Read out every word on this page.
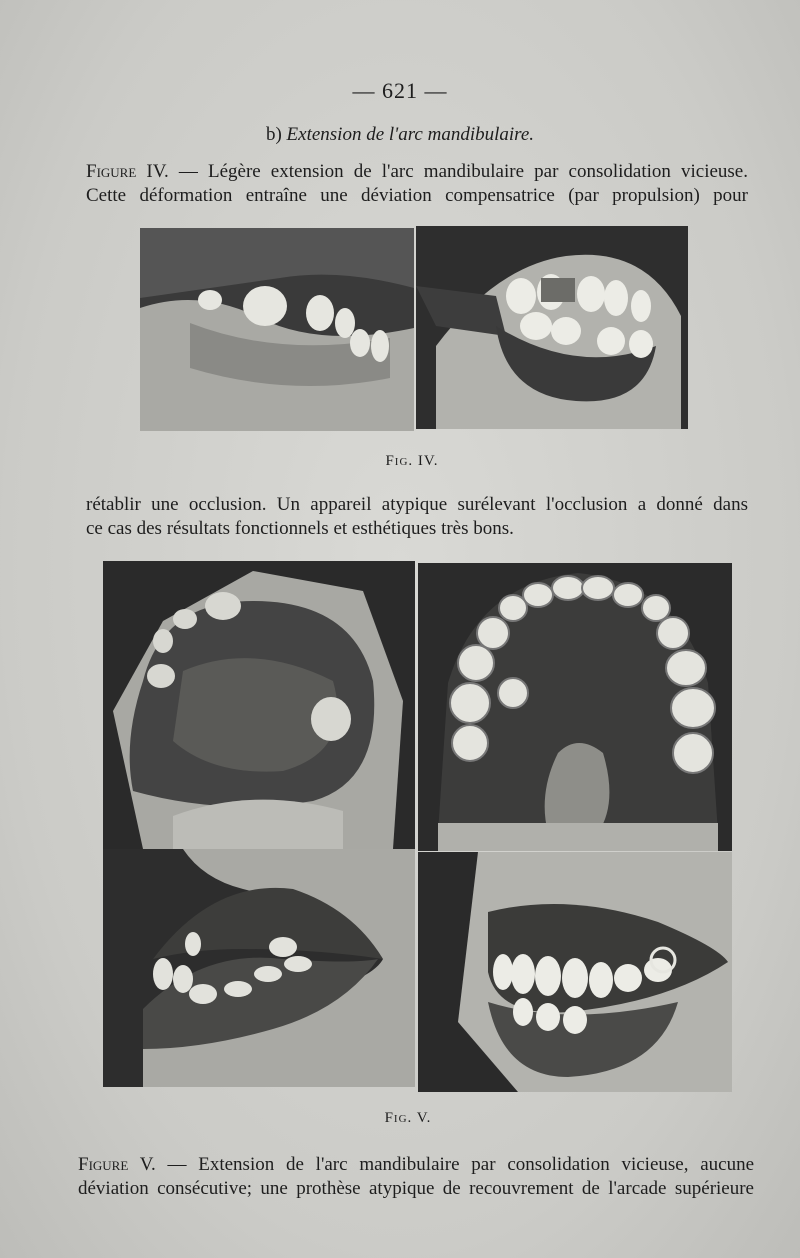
— 621 —
b) Extension de l'arc mandibulaire.
Figure IV. — Légère extension de l'arc mandibulaire par consolidation vicieuse.
Cette déformation entraîne une déviation compensatrice (par propulsion) pour
Fig. IV.
rétablir une occlusion. Un appareil atypique surélevant l'occlusion a donné dans
ce cas des résultats fonctionnels et esthétiques très bons.
Fig. V.
Figure V. — Extension de l'arc mandibulaire par consolidation vicieuse, aucune
déviation consécutive; une prothèse atypique de recouvrement de l'arcade supérieure
